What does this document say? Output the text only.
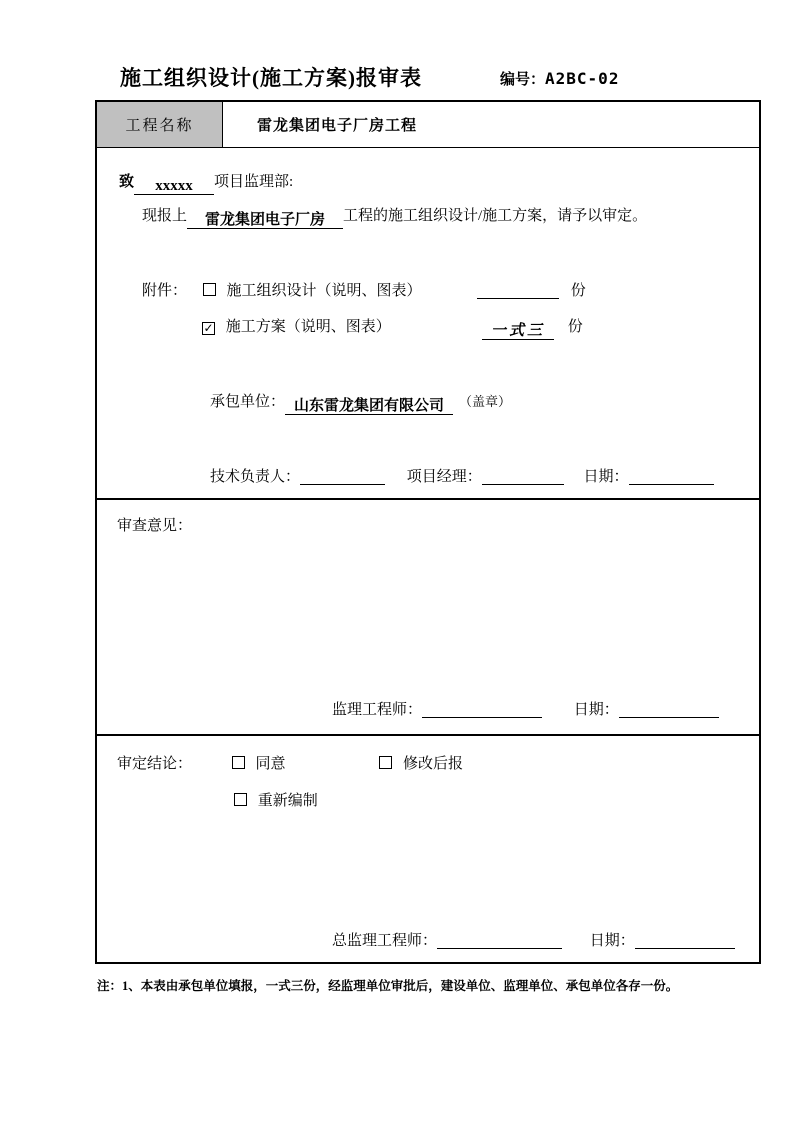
施工组织设计(施工方案)报审表	编号：A2BC-02
工程名称	雷龙集团电子厂房工程
致 xxxxx 项目监理部:
现报上 雷龙集团电子厂房 工程的施工组织设计/施工方案，请予以审定。
附件：	施工组织设计（说明、图表）	份
✓ 施工方案（说明、图表）	一式三 份
承包单位： 山东雷龙集团有限公司 （盖章）
技术负责人：	项目经理：	日期：
审查意见：
监理工程师：	日期：
审定结论：	同意	修改后报
重新编制
总监理工程师：	日期：
注：1、本表由承包单位填报，一式三份，经监理单位审批后，建设单位、监理单位、承包单位各存一份。
